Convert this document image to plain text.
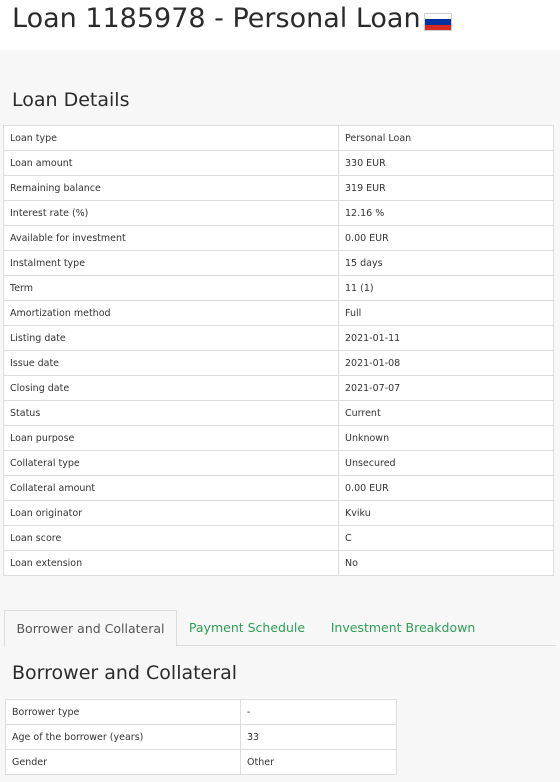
Loan 1185978 - Personal Loan
Loan Details
Loan type	Personal Loan
Loan amount	330 EUR
Remaining balance	319 EUR
Interest rate (%)	12.16 %
Available for investment	0.00 EUR
Instalment type	15 days
Term	11 (1)
Amortization method	Full
Listing date	2021-01-11
Issue date	2021-01-08
Closing date	2021-07-07
Status	Current
Loan purpose	Unknown
Collateral type	Unsecured
Collateral amount	0.00 EUR
Loan originator	Kviku
Loan score	C
Loan extension	No
Borrower and Collateral	Payment Schedule	Investment Breakdown
Borrower and Collateral
Borrower type	-
Age of the borrower (years)	33
Gender	Other
